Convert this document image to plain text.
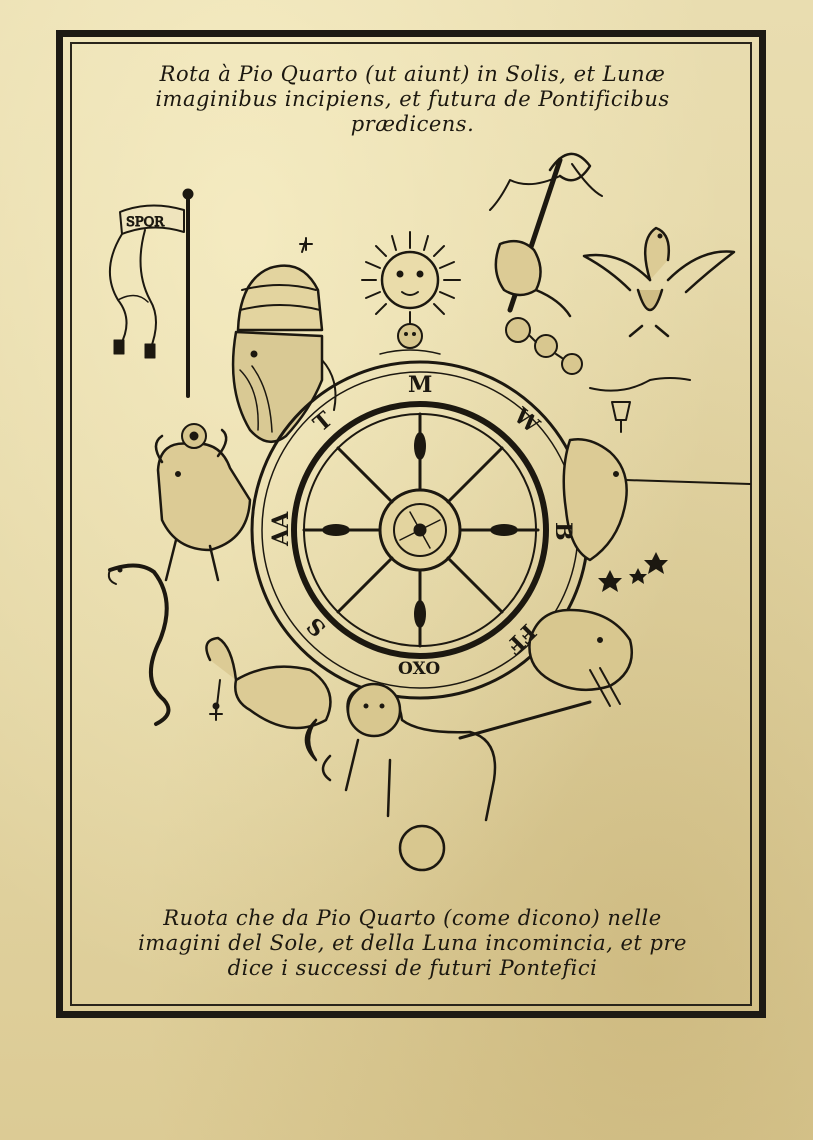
Rota à Pio Quarto (ut aiunt) in Solis, et Lunæ
imaginibus incipiens, et futura de Pontificibus
prædicens.
SPQR
M
W
B
FF
OXO
S
AA
T
Ruota che da Pio Quarto (come dicono) nelle
imagini del Sole, et della Luna incomincia, et pre
dice i successi de futuri Pontefici
